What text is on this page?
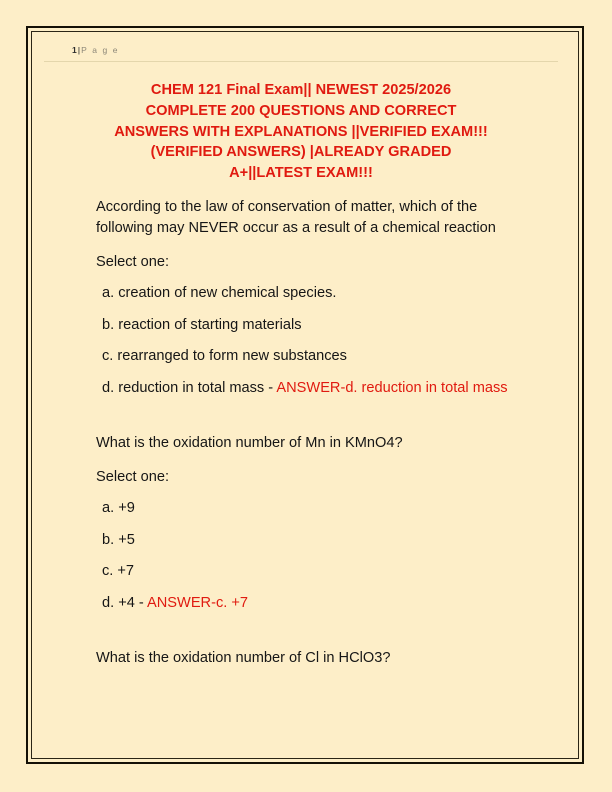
1|P a g e
CHEM 121 Final Exam|| NEWEST 2025/2026
COMPLETE 200 QUESTIONS AND CORRECT
ANSWERS WITH EXPLANATIONS ||VERIFIED EXAM!!!
(VERIFIED ANSWERS) |ALREADY GRADED
A+||LATEST EXAM!!!

According to the law of conservation of matter, which of the following may NEVER occur as a result of a chemical reaction

Select one:

a. creation of new chemical species.

b. reaction of starting materials

c. rearranged to form new substances

d. reduction in total mass - ANSWER-d. reduction in total mass

What is the oxidation number of Mn in KMnO4?

Select one:

a. +9

b. +5

c. +7

d. +4 - ANSWER-c. +7

What is the oxidation number of Cl in HClO3?
